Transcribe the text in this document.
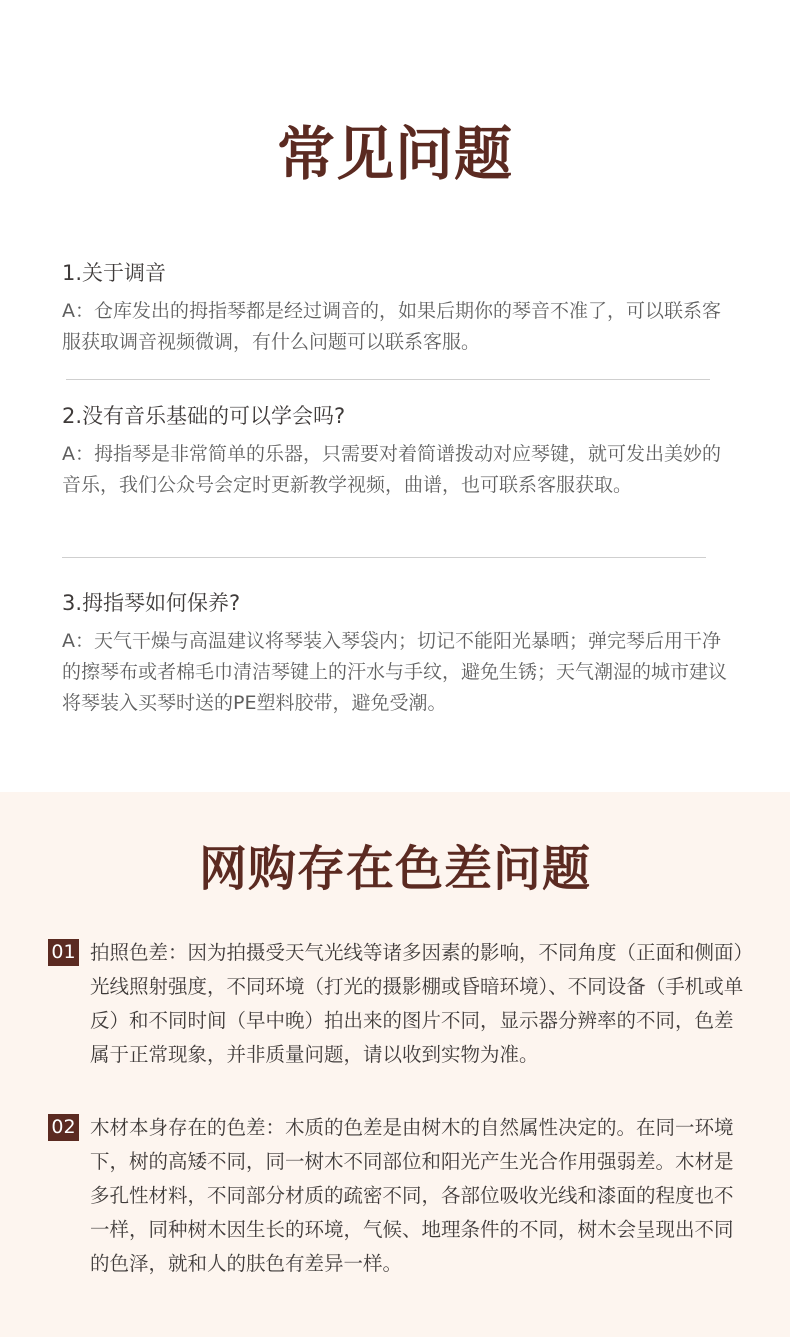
常见问题
1.关于调音
A：仓库发出的拇指琴都是经过调音的，如果后期你的琴音不准了，可以联系客服获取调音视频微调，有什么问题可以联系客服。
2.没有音乐基础的可以学会吗?
A：拇指琴是非常简单的乐器，只需要对着简谱拨动对应琴键，就可发出美妙的音乐，我们公众号会定时更新教学视频，曲谱，也可联系客服获取。
3.拇指琴如何保养?
A：天气干燥与高温建议将琴装入琴袋内；切记不能阳光暴晒；弹完琴后用干净的擦琴布或者棉毛巾清洁琴键上的汗水与手纹，避免生锈；天气潮湿的城市建议将琴装入买琴时送的PE塑料胶带，避免受潮。
网购存在色差问题
01 拍照色差：因为拍摄受天气光线等诸多因素的影响，不同角度（正面和侧面）光线照射强度，不同环境（打光的摄影棚或昏暗环境）、不同设备（手机或单反）和不同时间（早中晚）拍出来的图片不同，显示器分辨率的不同，色差属于正常现象，并非质量问题，请以收到实物为准。
02 木材本身存在的色差：木质的色差是由树木的自然属性决定的。在同一环境下，树的高矮不同，同一树木不同部位和阳光产生光合作用强弱差。木材是多孔性材料，不同部分材质的疏密不同，各部位吸收光线和漆面的程度也不一样，同种树木因生长的环境，气候、地理条件的不同，树木会呈现出不同的色泽，就和人的肤色有差异一样。
